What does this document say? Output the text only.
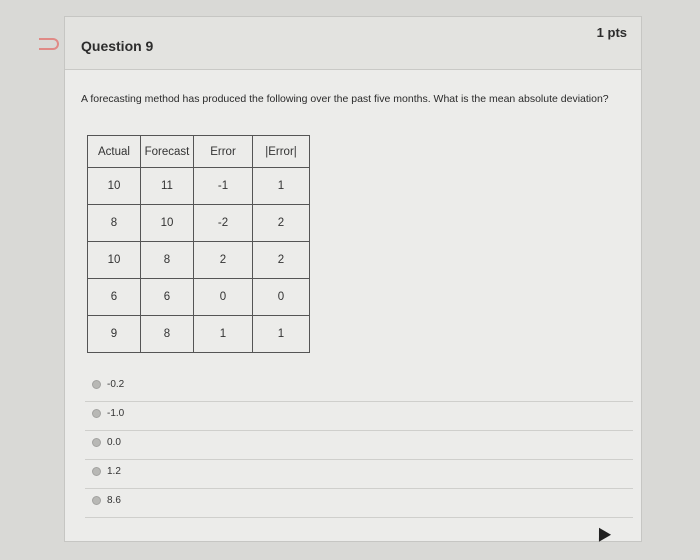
Question 9
1 pts
A forecasting method has produced the following over the past five months. What is the mean absolute deviation?
Actual	Forecast	Error	|Error|
10	11	-1	1
8	10	-2	2
10	8	2	2
6	6	0	0
9	8	1	1
-0.2
-1.0
0.0
1.2
8.6
